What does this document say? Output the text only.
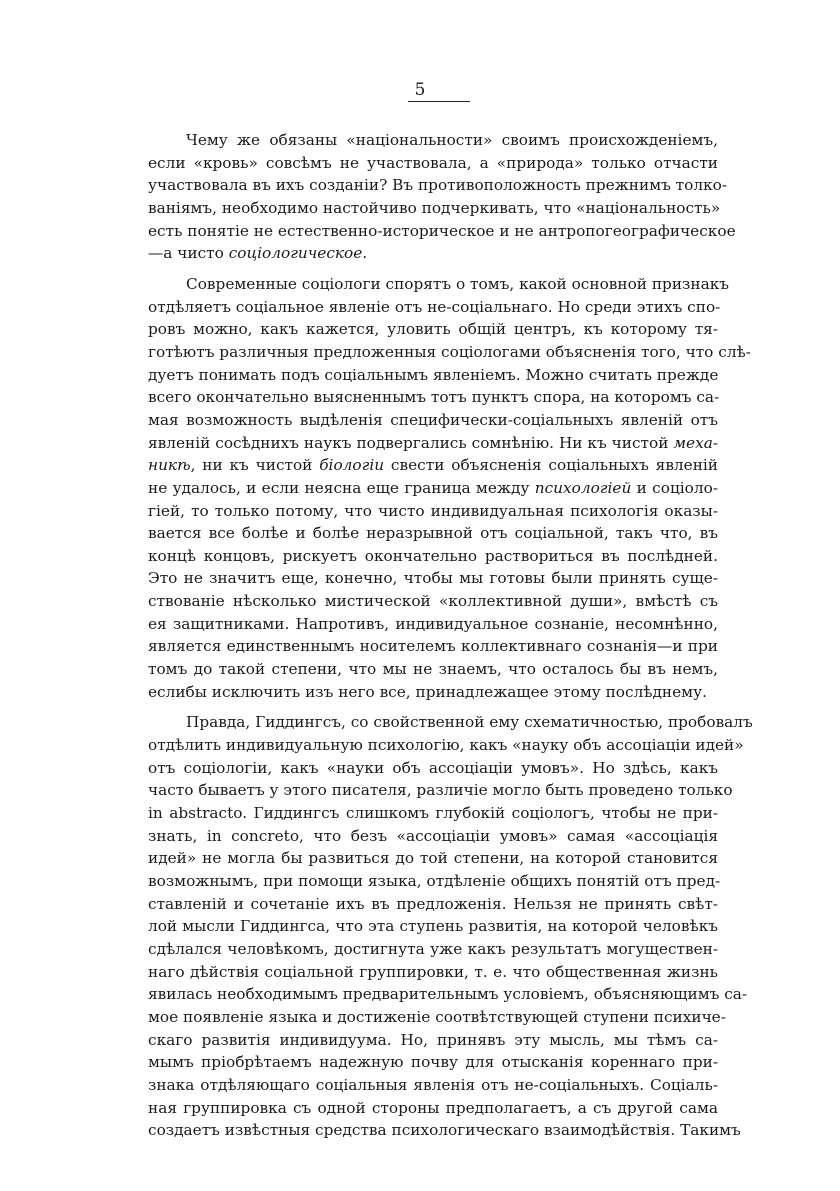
5

Чему же обязаны «національности» своимъ происхожденіемъ,
если «кровь» совсѣмъ не участвовала, а «природа» только отчасти
участвовала въ ихъ созданіи? Въ противоположность прежнимъ толко-
ваніямъ, необходимо настойчиво подчеркивать, что «національность»
есть понятіе не естественно-историческое и не антропогеографическое
—а чисто соціологическое.

Современные соціологи спорятъ о томъ, какой основной признакъ
отдѣляетъ соціальное явленіе отъ не-соціальнаго. Но среди этихъ спо-
ровъ можно, какъ кажется, уловить общій центръ, къ которому тя-
готѣютъ различныя предложенныя соціологами объясненія того, что слѣ-
дуетъ понимать подъ соціальнымъ явленіемъ. Можно считать прежде
всего окончательно выясненнымъ тотъ пунктъ спора, на которомъ са-
мая возможность выдѣленія специфически-соціальныхъ явленій отъ
явленій сосѣднихъ наукъ подвергались сомнѣнію. Ни къ чистой меха-
никѣ, ни къ чистой біологіи свести объясненія соціальныхъ явленій
не удалось, и если неясна еще граница между психологіей и соціоло-
гіей, то только потому, что чисто индивидуальная психологія оказы-
вается все болѣе и болѣе неразрывной отъ соціальной, такъ что, въ
концѣ концовъ, рискуетъ окончательно раствориться въ послѣдней.
Это не значитъ еще, конечно, чтобы мы готовы были принять суще-
ствованіе нѣсколько мистической «коллективной души», вмѣстѣ съ
ея защитниками. Напротивъ, индивидуальное сознаніе, несомнѣнно,
является единственнымъ носителемъ коллективнаго сознанія—и при
томъ до такой степени, что мы не знаемъ, что осталось бы въ немъ,
еслибы исключить изъ него все, принадлежащее этому послѣднему.

Правда, Гиддингсъ, со свойственной ему схематичностью, пробовалъ
отдѣлить индивидуальную психологію, какъ «науку объ ассоціаціи идей»
отъ соціологіи, какъ «науки объ ассоціаціи умовъ». Но здѣсь, какъ
часто бываетъ у этого писателя, различіе могло быть проведено только
in abstracto. Гиддингсъ слишкомъ глубокій соціологъ, чтобы не при-
знать, in concreto, что безъ «ассоціаціи умовъ» самая «ассоціація
идей» не могла бы развиться до той степени, на которой становится
возможнымъ, при помощи языка, отдѣленіе общихъ понятій отъ пред-
ставленій и сочетаніе ихъ въ предложенія. Нельзя не принять свѣт-
лой мысли Гиддингса, что эта ступень развитія, на которой человѣкъ
сдѣлался человѣкомъ, достигнута уже какъ результатъ могуществен-
наго дѣйствія соціальной группировки, т. е. что общественная жизнь
явилась необходимымъ предварительнымъ условіемъ, объясняющимъ са-
мое появленіе языка и достиженіе соотвѣтствующей ступени психиче-
скаго развитія индивидуума. Но, принявъ эту мысль, мы тѣмъ са-
мымъ пріобрѣтаемъ надежную почву для отысканія кореннаго при-
знака отдѣляющаго соціальныя явленія отъ не-соціальныхъ. Соціаль-
ная группировка съ одной стороны предполагаетъ, а съ другой сама
создаетъ извѣстныя средства психологическаго взаимодѣйствія. Такимъ
